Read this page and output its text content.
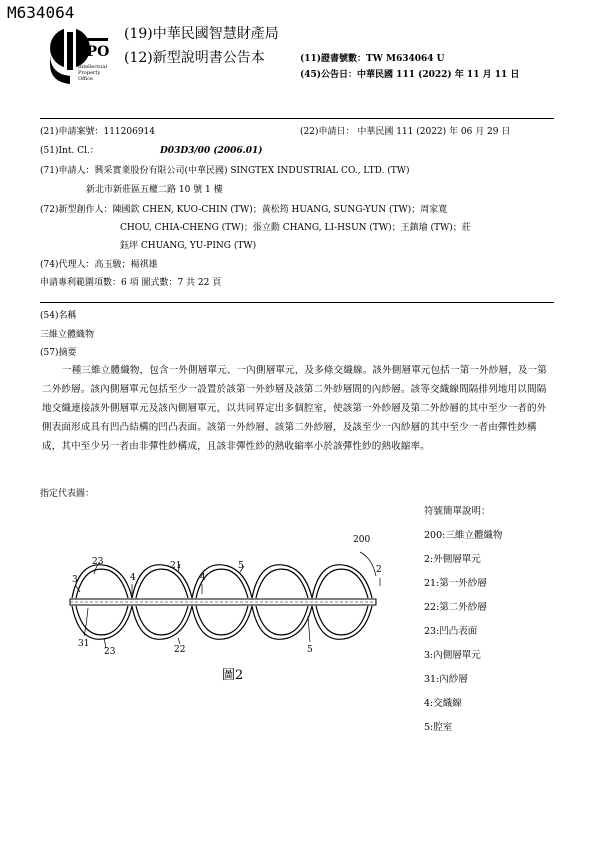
M634064
IPO
Intellectual
Property
Office
(19)中華民國智慧財產局
(12)新型說明書公告本	(11)證書號數：TW M634064 U
(45)公告日：中華民國 111 (2022) 年 11 月 11 日
(21)申請案號：111206914	(22)申請日： 中華民國 111 (2022) 年 06 月 29 日
(51)Int. Cl.：	D03D3/00 (2006.01)
(71)申請人：興采實業股份有限公司(中華民國) SINGTEX INDUSTRIAL CO., LTD. (TW)
新北市新莊區五權二路 10 號 1 樓
(72)新型創作人：陳國欽 CHEN, KUO-CHIN (TW)；黃松筠 HUANG, SUNG-YUN (TW)；周家寬
CHOU, CHIA-CHENG (TW)；張立勳 CHANG, LI-HSUN (TW)；王鎮瑜 (TW)；莊
鈺坪 CHUANG, YU-PING (TW)
(74)代理人：高玉駿；楊祺雄
申請專利範圍項數：6 項 圖式數：7 共 22 頁
(54)名稱
三維立體織物
(57)摘要
一種三維立體織物，包含一外側層單元、一內側層單元，及多條交織線。該外側層單元包括一第一外紗層，及一第二外紗層。該內側層單元包括至少一設置於該第一外紗層及該第二外紗層間的內紗層。該等交織線間隔排列地用以間隔地交織連接該外側層單元及該內側層單元，以共同界定出多個腔室，使該第一外紗層及第二外紗層的其中至少一者的外側表面形成具有凹凸結構的凹凸表面。該第一外紗層、該第二外紗層，及該至少一內紗層的其中至少一者由彈性紗構成，其中至少另一者由非彈性紗構成，且該非彈性紗的熱收縮率小於該彈性紗的熱收縮率。
指定代表圖：
200
23	21	5	2
3	4	4
31
23	22	5
圖2
符號簡單說明：
200:三維立體織物
2:外側層單元
21:第一外紗層
22:第二外紗層
23:凹凸表面
3:內側層單元
31:內紗層
4:交織線
5:腔室
